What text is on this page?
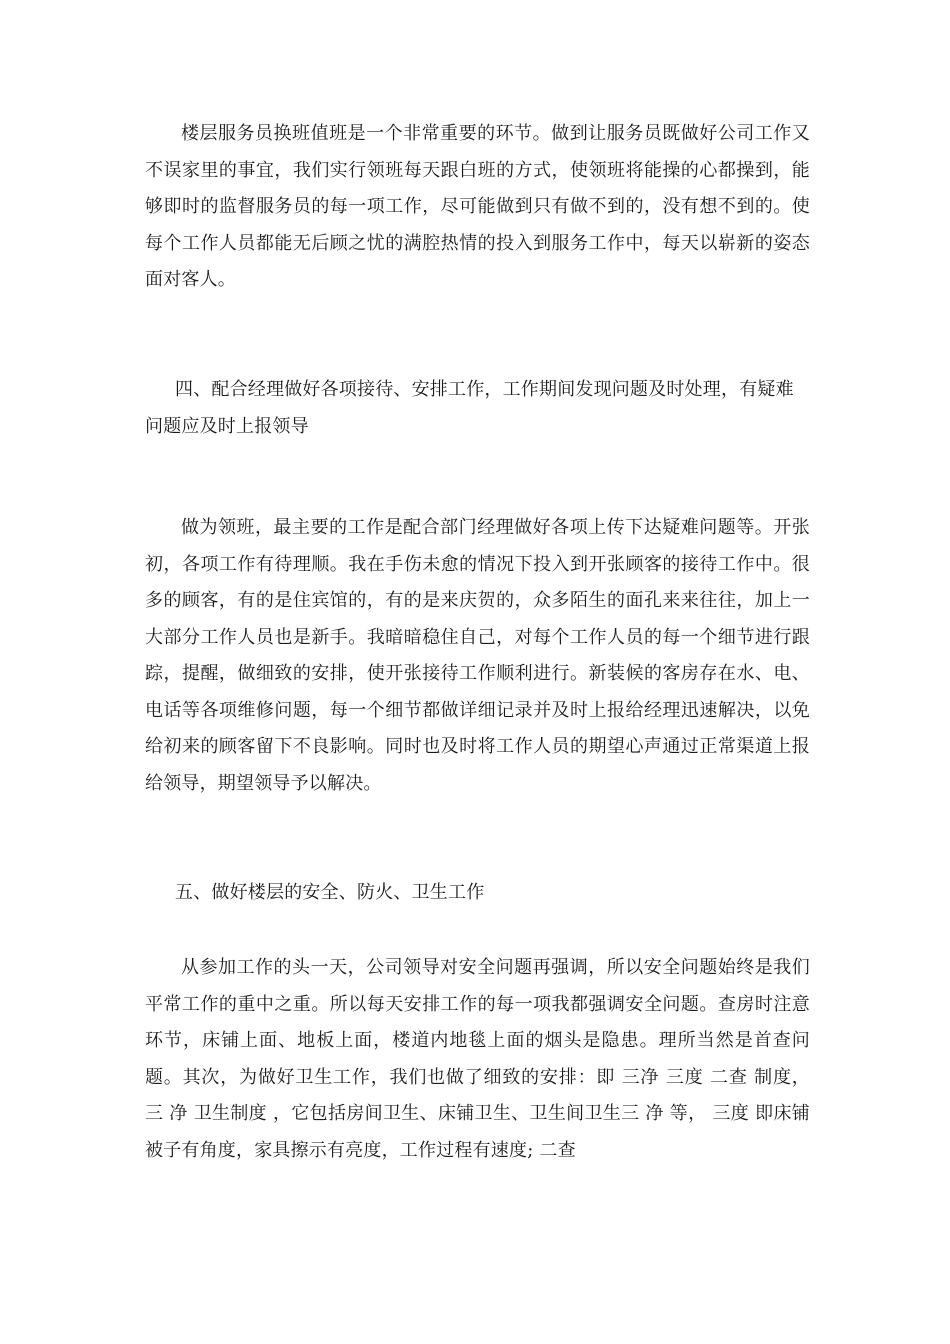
楼层服务员换班值班是一个非常重要的环节。做到让服务员既做好公司工作又不误家里的事宜，我们实行领班每天跟白班的方式，使领班将能操的心都操到，能够即时的监督服务员的每一项工作，尽可能做到只有做不到的，没有想不到的。使每个工作人员都能无后顾之忧的满腔热情的投入到服务工作中，每天以崭新的姿态面对客人。

四、配合经理做好各项接待、安排工作，工作期间发现问题及时处理，有疑难问题应及时上报领导

做为领班，最主要的工作是配合部门经理做好各项上传下达疑难问题等。开张初，各项工作有待理顺。我在手伤未愈的情况下投入到开张顾客的接待工作中。很多的顾客，有的是住宾馆的，有的是来庆贺的，众多陌生的面孔来来往往，加上一大部分工作人员也是新手。我暗暗稳住自己，对每个工作人员的每一个细节进行跟踪，提醒，做细致的安排，使开张接待工作顺利进行。新装候的客房存在水、电、电话等各项维修问题，每一个细节都做详细记录并及时上报给经理迅速解决，以免给初来的顾客留下不良影响。同时也及时将工作人员的期望心声通过正常渠道上报给领导，期望领导予以解决。

五、做好楼层的安全、防火、卫生工作

从参加工作的头一天，公司领导对安全问题再强调，所以安全问题始终是我们平常工作的重中之重。所以每天安排工作的每一项我都强调安全问题。查房时注意环节，床铺上面、地板上面，楼道内地毯上面的烟头是隐患。理所当然是首查问题。其次，为做好卫生工作，我们也做了细致的安排：即 三净 三度 二查 制度， 三 净 卫生制度 ，它包括房间卫生、床铺卫生、卫生间卫生三 净 等， 三度 即床铺被子有角度，家具擦示有亮度，工作过程有速度; 二查
